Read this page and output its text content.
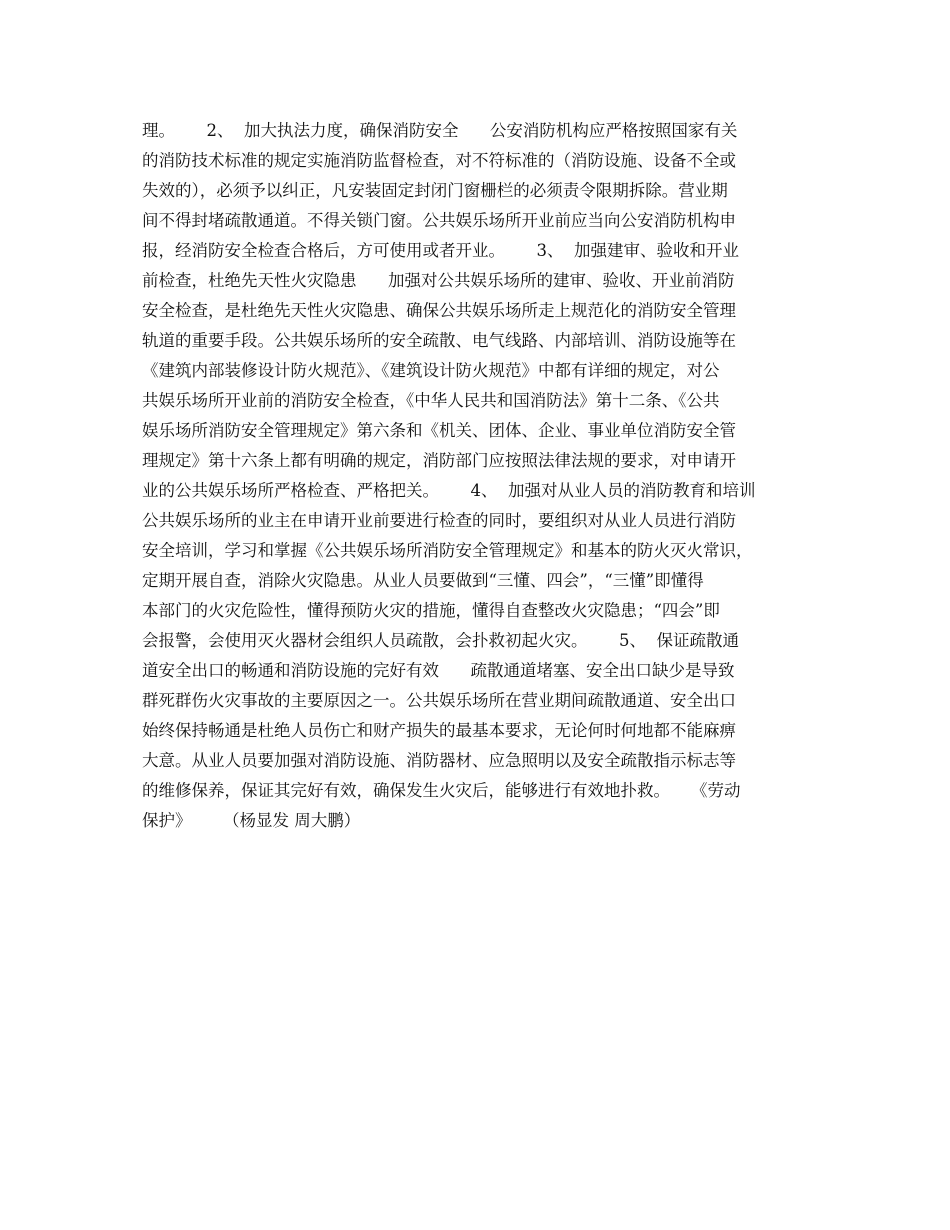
理。      2、  加大执法力度，确保消防安全      公安消防机构应严格按照国家有关
的消防技术标准的规定实施消防监督检查，对不符标准的（消防设施、设备不全或
失效的），必须予以纠正，凡安装固定封闭门窗栅栏的必须责令限期拆除。营业期
间不得封堵疏散通道。不得关锁门窗。公共娱乐场所开业前应当向公安消防机构申
报，经消防安全检查合格后，方可使用或者开业。      3、  加强建审、验收和开业
前检查，杜绝先天性火灾隐患      加强对公共娱乐场所的建审、验收、开业前消防
安全检查，是杜绝先天性火灾隐患、确保公共娱乐场所走上规范化的消防安全管理
轨道的重要手段。公共娱乐场所的安全疏散、电气线路、内部培训、消防设施等在
《建筑内部装修设计防火规范》、《建筑设计防火规范》中都有详细的规定，对公
共娱乐场所开业前的消防安全检查，《中华人民共和国消防法》第十二条、《公共
娱乐场所消防安全管理规定》第六条和《机关、团体、企业、事业单位消防安全管
理规定》第十六条上都有明确的规定，消防部门应按照法律法规的要求，对申请开
业的公共娱乐场所严格检查、严格把关。      4、  加强对从业人员的消防教育和培训
公共娱乐场所的业主在申请开业前要进行检查的同时，要组织对从业人员进行消防
安全培训，学习和掌握《公共娱乐场所消防安全管理规定》和基本的防火灭火常识，
定期开展自查，消除火灾隐患。从业人员要做到“三懂、四会”，“三懂”即懂得
本部门的火灾危险性，懂得预防火灾的措施，懂得自查整改火灾隐患；“四会”即
会报警，会使用灭火器材会组织人员疏散，会扑救初起火灾。      5、  保证疏散通
道安全出口的畅通和消防设施的完好有效      疏散通道堵塞、安全出口缺少是导致
群死群伤火灾事故的主要原因之一。公共娱乐场所在营业期间疏散通道、安全出口
始终保持畅通是杜绝人员伤亡和财产损失的最基本要求，无论何时何地都不能麻痹
大意。从业人员要加强对消防设施、消防器材、应急照明以及安全疏散指示标志等
的维修保养，保证其完好有效，确保发生火灾后，能够进行有效地扑救。    《劳动
保护》      （杨显发 周大鹏）
